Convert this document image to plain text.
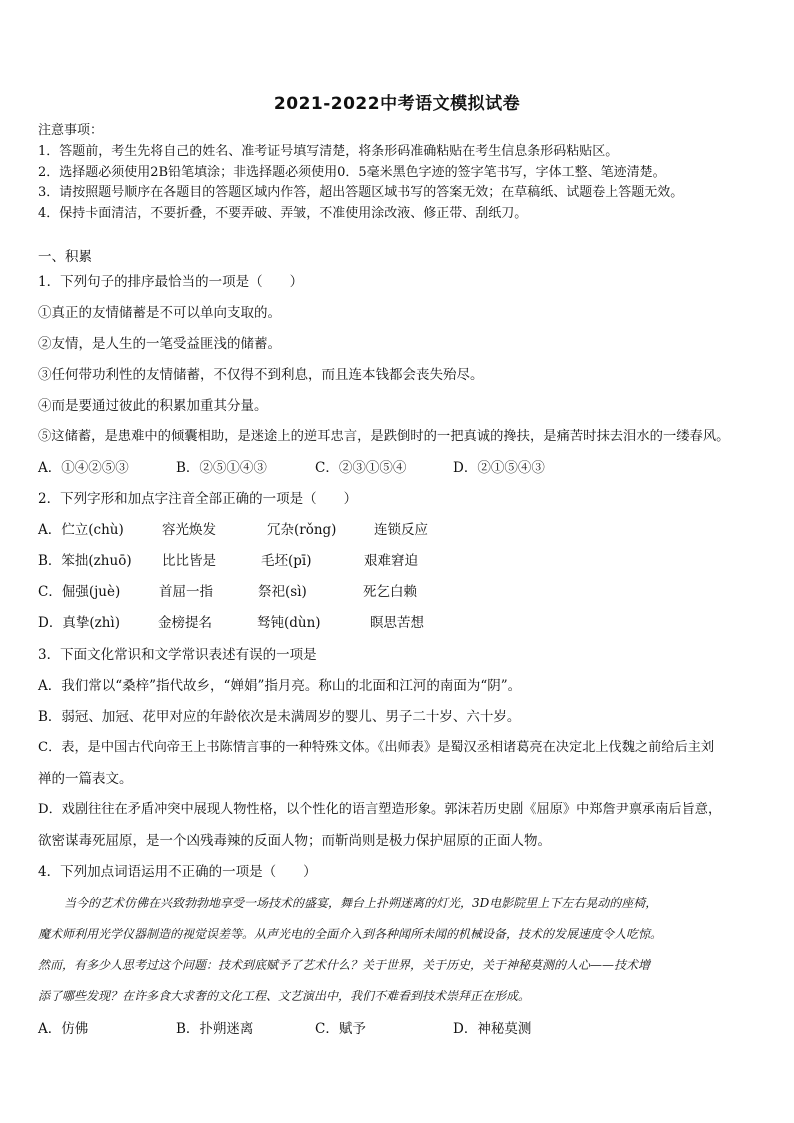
2021-2022中考语文模拟试卷
注意事项：
1．答题前，考生先将自己的姓名、准考证号填写清楚，将条形码准确粘贴在考生信息条形码粘贴区。
2．选择题必须使用2B铅笔填涂；非选择题必须使用0．5毫米黑色字迹的签字笔书写，字体工整、笔迹清楚。
3．请按照题号顺序在各题目的答题区域内作答，超出答题区域书写的答案无效；在草稿纸、试题卷上答题无效。
4．保持卡面清洁，不要折叠，不要弄破、弄皱，不准使用涂改液、修正带、刮纸刀。
一、积累
1．下列句子的排序最恰当的一项是（　　）
①真正的友情储蓄是不可以单向支取的。
②友情，是人生的一笔受益匪浅的储蓄。
③任何带功利性的友情储蓄，不仅得不到利息，而且连本钱都会丧失殆尽。
④而是要通过彼此的积累加重其分量。
⑤这储蓄，是患难中的倾囊相助，是迷途上的逆耳忠言，是跌倒时的一把真诚的搀扶，是痛苦时抹去泪水的一缕春风。
A．①④②⑤③	B．②⑤①④③	C．②③①⑤④	D．②①⑤④③
2．下列字形和加点字注音全部正确的一项是（　　）
A．伫立(chù)	容光焕发	冗杂(rǒng)	连锁反应
B．笨拙(zhuō) 比比皆是	毛坯(pī)	艰难窘迫
C．倔强(juè)	首屈一指	祭祀(sì)	死乞白赖
D．真挚(zhì)	金榜提名	驽钝(dùn)	瞑思苦想
3．下面文化常识和文学常识表述有误的一项是
A．我们常以“桑梓”指代故乡，“婵娟”指月亮。称山的北面和江河的南面为“阴”。
B．弱冠、加冠、花甲对应的年龄依次是未满周岁的婴儿、男子二十岁、六十岁。
C．表，是中国古代向帝王上书陈情言事的一种特殊文体。《出师表》是蜀汉丞相诸葛亮在决定北上伐魏之前给后主刘
禅的一篇表文。
D．戏剧往往在矛盾冲突中展现人物性格，以个性化的语言塑造形象。郭沫若历史剧《屈原》中郑詹尹禀承南后旨意，
欲密谋毒死屈原，是一个凶残毒辣的反面人物；而靳尚则是极力保护屈原的正面人物。
4．下列加点词语运用不正确的一项是（　　）
当今的艺术仿佛在兴致勃勃地享受一场技术的盛宴，舞台上扑朔迷离的灯光，3D电影院里上下左右晃动的座椅，
魔术师利用光学仪器制造的视觉误差等。从声光电的全面介入到各种闻所未闻的机械设备，技术的发展速度令人吃惊。
然而，有多少人思考过这个问题：技术到底赋予了艺术什么？关于世界，关于历史，关于神秘莫测的人心——技术增
添了哪些发现？在许多食大求奢的文化工程、文艺演出中，我们不难看到技术崇拜正在形成。
A．仿佛	B．扑朔迷离	C．赋予	D．神秘莫测
